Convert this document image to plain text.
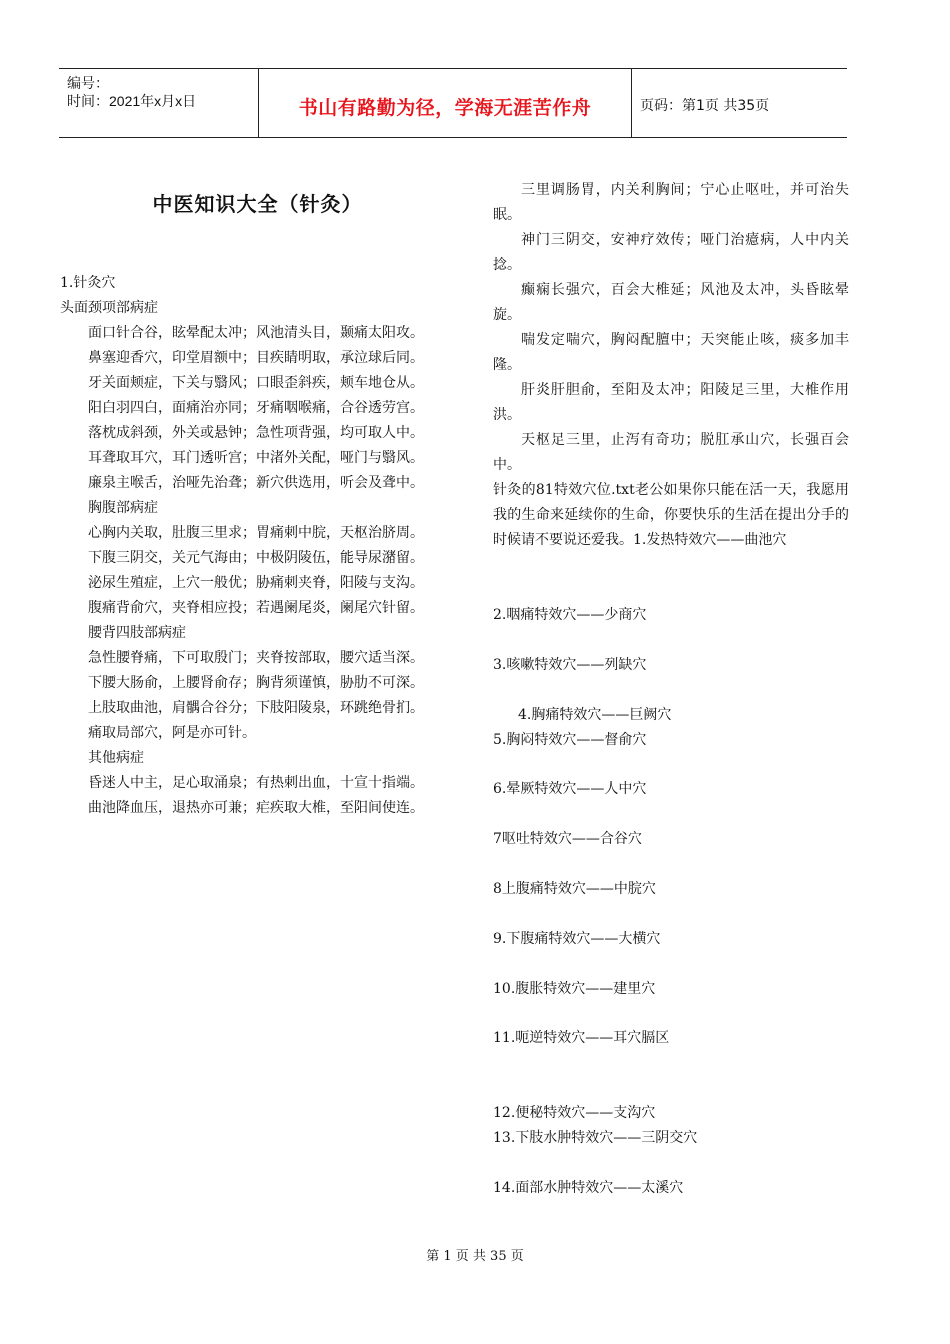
编号：
时间：2021年x月x日	书山有路勤为径，学海无涯苦作舟	页码：第1页 共35页
中医知识大全（针灸）

1.针灸穴

头面颈项部病症

面口针合谷，眩晕配太冲；风池清头目，颞痛太阳攻。

鼻塞迎香穴，印堂眉额中；目疾睛明取，承泣球后同。

牙关面颊症，下关与翳风；口眼歪斜疾，颊车地仓从。

阳白羽四白，面痛治亦同；牙痛咽喉痛，合谷透劳宫。

落枕成斜颈，外关或悬钟；急性项背强，均可取人中。

耳聋取耳穴，耳门透听宫；中渚外关配，哑门与翳风。

廉泉主喉舌，治哑先治聋；新穴供选用，听会及聋中。

胸腹部病症

心胸内关取，肚腹三里求；胃痛刺中脘，天枢治脐周。

下腹三阴交，关元气海由；中极阴陵伍，能导尿潴留。

泌尿生殖症，上穴一般优；胁痛刺夹脊，阳陵与支沟。

腹痛背俞穴，夹脊相应投；若遇阑尾炎，阑尾穴针留。

腰背四肢部病症

急性腰脊痛，下可取殷门；夹脊按部取，腰穴适当深。

下腰大肠俞，上腰肾俞存；胸背须谨慎，胁肋不可深。

上肢取曲池，肩髃合谷分；下肢阳陵泉，环跳绝骨扪。

痛取局部穴，阿是亦可针。

其他病症

昏迷人中主，足心取涌泉；有热刺出血，十宣十指端。

曲池降血压，退热亦可兼；疟疾取大椎，至阳间使连。

三里调肠胃，内关利胸间；宁心止呕吐，并可治失眠。

神门三阴交，安神疗效传；哑门治癔病，人中内关捻。

癫痫长强穴，百会大椎延；风池及太冲，头昏眩晕旋。

喘发定喘穴，胸闷配膻中；天突能止咳，痰多加丰隆。

肝炎肝胆俞，至阳及太冲；阳陵足三里，大椎作用洪。

天枢足三里，止泻有奇功；脱肛承山穴，长强百会中。

针灸的81特效穴位.txt老公如果你只能在活一天，我愿用我的生命来延续你的生命，你要快乐的生活在提出分手的时候请不要说还爱我。1.发热特效穴——曲池穴

2.咽痛特效穴——少商穴

3.咳嗽特效穴——列缺穴

4.胸痛特效穴——巨阙穴

5.胸闷特效穴——督俞穴

6.晕厥特效穴——人中穴

7呕吐特效穴——合谷穴

8上腹痛特效穴——中脘穴

9.下腹痛特效穴——大横穴

10.腹胀特效穴——建里穴

11.呃逆特效穴——耳穴膈区

12.便秘特效穴——支沟穴

13.下肢水肿特效穴——三阴交穴

14.面部水肿特效穴——太溪穴

第 1 页 共 35 页
